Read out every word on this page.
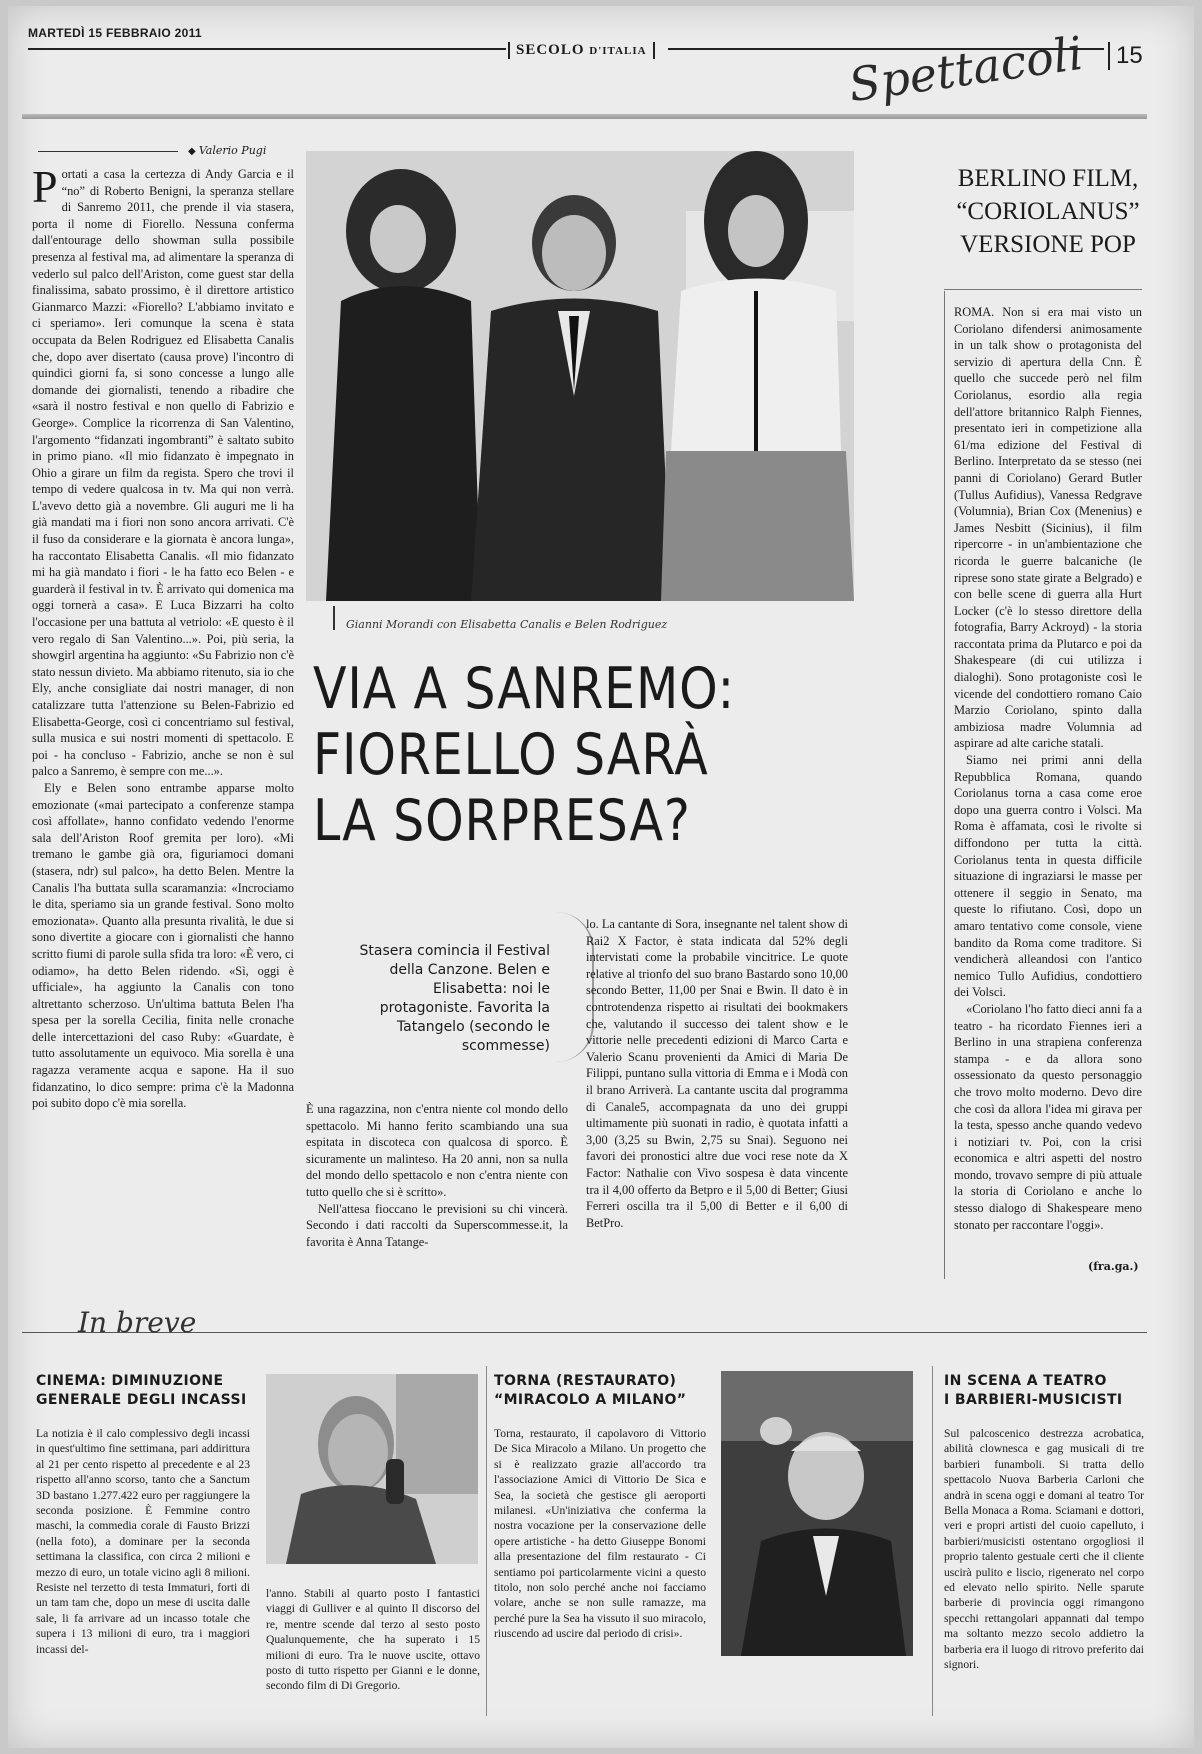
MARTEDÌ 15 FEBBRAIO 2011
SECOLO D'ITALIA	Spettacoli	15
◆ Valerio Pugi

Portati a casa la certezza di Andy Garcia e il “no” di Roberto Benigni, la speranza stellare di Sanremo 2011, che prende il via stasera, porta il nome di Fiorello. Nessuna conferma dall'entourage dello showman sulla possibile presenza al festival ma, ad alimentare la speranza di vederlo sul palco dell'Ariston, come guest star della finalissima, sabato prossimo, è il direttore artistico Gianmarco Mazzi: «Fiorello? L'abbiamo invitato e ci speriamo». Ieri comunque la scena è stata occupata da Belen Rodriguez ed Elisabetta Canalis che, dopo aver disertato (causa prove) l'incontro di quindici giorni fa, si sono concesse a lungo alle domande dei giornalisti, tenendo a ribadire che «sarà il nostro festival e non quello di Fabrizio e George». Complice la ricorrenza di San Valentino, l'argomento “fidanzati ingombranti” è saltato subito in primo piano. «Il mio fidanzato è impegnato in Ohio a girare un film da regista. Spero che trovi il tempo di vedere qualcosa in tv. Ma qui non verrà. L'avevo detto già a novembre. Gli auguri me li ha già mandati ma i fiori non sono ancora arrivati. C'è il fuso da considerare e la giornata è ancora lunga», ha raccontato Elisabetta Canalis. «Il mio fidanzato mi ha già mandato i fiori - le ha fatto eco Belen - e guarderà il festival in tv. È arrivato qui domenica ma oggi tornerà a casa». E Luca Bizzarri ha colto l'occasione per una battuta al vetriolo: «E questo è il vero regalo di San Valentino...». Poi, più seria, la showgirl argentina ha aggiunto: «Su Fabrizio non c'è stato nessun divieto. Ma abbiamo ritenuto, sia io che Ely, anche consigliate dai nostri manager, di non catalizzare tutta l'attenzione su Belen-Fabrizio ed Elisabetta-George, così ci concentriamo sul festival, sulla musica e sui nostri momenti di spettacolo. E poi - ha concluso - Fabrizio, anche se non è sul palco a Sanremo, è sempre con me...».

Ely e Belen sono entrambe apparse molto emozionate («mai partecipato a conferenze stampa così affollate», hanno confidato vedendo l'enorme sala dell'Ariston Roof gremita per loro). «Mi tremano le gambe già ora, figuriamoci domani (stasera, ndr) sul palco», ha detto Belen. Mentre la Canalis l'ha buttata sulla scaramanzia: «Incrociamo le dita, speriamo sia un grande festival. Sono molto emozionata». Quanto alla presunta rivalità, le due si sono divertite a giocare con i giornalisti che hanno scritto fiumi di parole sulla sfida tra loro: «È vero, ci odiamo», ha detto Belen ridendo. «Sì, oggi è ufficiale», ha aggiunto la Canalis con tono altrettanto scherzoso. Un'ultima battuta Belen l'ha spesa per la sorella Cecilia, finita nelle cronache delle intercettazioni del caso Ruby: «Guardate, è tutto assolutamente un equivoco. Mia sorella è una ragazza veramente acqua e sapone. Ha il suo fidanzatino, lo dico sempre: prima c'è la Madonna poi subito dopo c'è mia sorella.

Gianni Morandi con Elisabetta Canalis e Belen Rodriguez
VIA A SANREMO:
FIORELLO SARÀ
LA SORPRESA?
Stasera comincia il Festival della Canzone. Belen e Elisabetta: noi le protagoniste. Favorita la Tatangelo (secondo le scommesse)

È una ragazzina, non c'entra niente col mondo dello spettacolo. Mi hanno ferito scambiando una sua espitata in discoteca con qualcosa di sporco. È sicuramente un malinteso. Ha 20 anni, non sa nulla del mondo dello spettacolo e non c'entra niente con tutto quello che si è scritto».

Nell'attesa fioccano le previsioni su chi vincerà. Secondo i dati raccolti da Superscommesse.it, la favorita è Anna Tatange-

lo. La cantante di Sora, insegnante nel talent show di Rai2 X Factor, è stata indicata dal 52% degli intervistati come la probabile vincitrice. Le quote relative al trionfo del suo brano Bastardo sono 10,00 secondo Better, 11,00 per Snai e Bwin. Il dato è in controtendenza rispetto ai risultati dei bookmakers che, valutando il successo dei talent show e le vittorie nelle precedenti edizioni di Marco Carta e Valerio Scanu provenienti da Amici di Maria De Filippi, puntano sulla vittoria di Emma e i Modà con il brano Arriverà. La cantante uscita dal programma di Canale5, accompagnata da uno dei gruppi ultimamente più suonati in radio, è quotata infatti a 3,00 (3,25 su Bwin, 2,75 su Snai). Seguono nei favori dei pronostici altre due voci rese note da X Factor: Nathalie con Vivo sospesa è data vincente tra il 4,00 offerto da Betpro e il 5,00 di Better; Giusi Ferreri oscilla tra il 5,00 di Better e il 6,00 di BetPro.

BERLINO FILM,
“CORIOLANUS”
VERSIONE POP

ROMA. Non si era mai visto un Coriolano difendersi animosamente in un talk show o protagonista del servizio di apertura della Cnn. È quello che succede però nel film Coriolanus, esordio alla regia dell'attore britannico Ralph Fiennes, presentato ieri in competizione alla 61/ma edizione del Festival di Berlino. Interpretato da se stesso (nei panni di Coriolano) Gerard Butler (Tullus Aufidius), Vanessa Redgrave (Volumnia), Brian Cox (Menenius) e James Nesbitt (Sicinius), il film ripercorre - in un'ambientazione che ricorda le guerre balcaniche (le riprese sono state girate a Belgrado) e con belle scene di guerra alla Hurt Locker (c'è lo stesso direttore della fotografia, Barry Ackroyd) - la storia raccontata prima da Plutarco e poi da Shakespeare (di cui utilizza i dialoghi). Sono protagoniste così le vicende del condottiero romano Caio Marzio Coriolano, spinto dalla ambiziosa madre Volumnia ad aspirare ad alte cariche statali.

Siamo nei primi anni della Repubblica Romana, quando Coriolanus torna a casa come eroe dopo una guerra contro i Volsci. Ma Roma è affamata, così le rivolte si diffondono per tutta la città. Coriolanus tenta in questa difficile situazione di ingraziarsi le masse per ottenere il seggio in Senato, ma queste lo rifiutano. Così, dopo un amaro tentativo come console, viene bandito da Roma come traditore. Si vendicherà alleandosi con l'antico nemico Tullo Aufidius, condottiero dei Volsci.

«Coriolano l'ho fatto dieci anni fa a teatro - ha ricordato Fiennes ieri a Berlino in una strapiena conferenza stampa - e da allora sono ossessionato da questo personaggio che trovo molto moderno. Devo dire che così da allora l'idea mi girava per la testa, spesso anche quando vedevo i notiziari tv. Poi, con la crisi economica e altri aspetti del nostro mondo, trovavo sempre di più attuale la storia di Coriolano e anche lo stesso dialogo di Shakespeare meno stonato per raccontare l'oggi».

(fra.ga.)
In breve
CINEMA: DIMINUZIONE
GENERALE DEGLI INCASSI

La notizia è il calo complessivo degli incassi in quest'ultimo fine settimana, pari addirittura al 21 per cento rispetto al precedente e al 23 rispetto all'anno scorso, tanto che a Sanctum 3D bastano 1.277.422 euro per raggiungere la seconda posizione. È Femmine contro maschi, la commedia corale di Fausto Brizzi (nella foto), a dominare per la seconda settimana la classifica, con circa 2 milioni e mezzo di euro, un totale vicino agli 8 milioni. Resiste nel terzetto di testa Immaturi, forti di un tam tam che, dopo un mese di uscita dalle sale, li fa arrivare ad un incasso totale che supera i 13 milioni di euro, tra i maggiori incassi del-

l'anno. Stabili al quarto posto I fantastici viaggi di Gulliver e al quinto Il discorso del re, mentre scende dal terzo al sesto posto Qualunquemente, che ha superato i 15 milioni di euro. Tra le nuove uscite, ottavo posto di tutto rispetto per Gianni e le donne, secondo film di Di Gregorio.

TORNA (RESTAURATO)
“MIRACOLO A MILANO”

Torna, restaurato, il capolavoro di Vittorio De Sica Miracolo a Milano. Un progetto che si è realizzato grazie all'accordo tra l'associazione Amici di Vittorio De Sica e Sea, la società che gestisce gli aeroporti milanesi. «Un'iniziativa che conferma la nostra vocazione per la conservazione delle opere artistiche - ha detto Giuseppe Bonomi alla presentazione del film restaurato - Ci sentiamo poi particolarmente vicini a questo titolo, non solo perché anche noi facciamo volare, anche se non sulle ramazze, ma perché pure la Sea ha vissuto il suo miracolo, riuscendo ad uscire dal periodo di crisi».

IN SCENA A TEATRO
I BARBIERI-MUSICISTI

Sul palcoscenico destrezza acrobatica, abilità clownesca e gag musicali di tre barbieri funamboli. Si tratta dello spettacolo Nuova Barberia Carloni che andrà in scena oggi e domani al teatro Tor Bella Monaca a Roma. Sciamani e dottori, veri e propri artisti del cuoio capelluto, i barbieri/musicisti ostentano orgogliosi il proprio talento gestuale certi che il cliente uscirà pulito e liscio, rigenerato nel corpo ed elevato nello spirito. Nelle sparute barberie di provincia oggi rimangono specchi rettangolari appannati dal tempo ma soltanto mezzo secolo addietro la barberia era il luogo di ritrovo preferito dai signori.
